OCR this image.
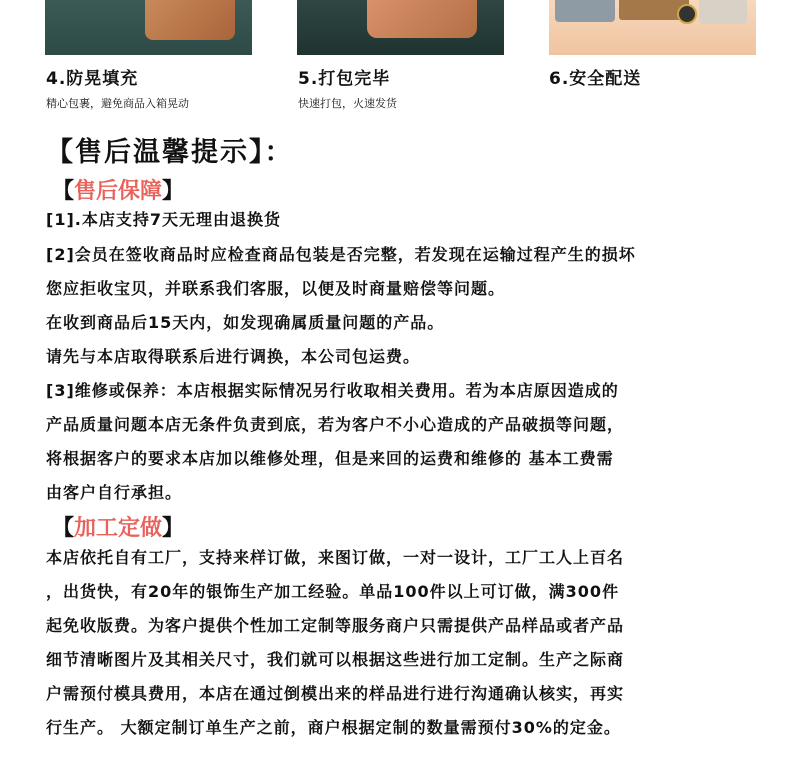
4.防晃填充
精心包裹，避免商品入箱晃动
5.打包完毕
快速打包，火速发货
6.安全配送
【售后温馨提示】：
【售后保障】
[1].本店支持7天无理由退换货
[2]会员在签收商品时应检查商品包装是否完整，若发现在运输过程产生的损坏
您应拒收宝贝，并联系我们客服，以便及时商量赔偿等问题。
在收到商品后15天内，如发现确属质量问题的产品。
请先与本店取得联系后进行调换，本公司包运费。
[3]维修或保养：本店根据实际情况另行收取相关费用。若为本店原因造成的
产品质量问题本店无条件负责到底，若为客户不小心造成的产品破损等问题，
将根据客户的要求本店加以维修处理，但是来回的运费和维修的 基本工费需
由客户自行承担。
【加工定做】
本店依托自有工厂，支持来样订做，来图订做，一对一设计，工厂工人上百名
，出货快，有20年的银饰生产加工经验。单品100件以上可订做，满300件
起免收版费。为客户提供个性加工定制等服务商户只需提供产品样品或者产品
细节清晰图片及其相关尺寸，我们就可以根据这些进行加工定制。生产之际商
户需预付模具费用，本店在通过倒模出来的样品进行进行沟通确认核实，再实
行生产。 大额定制订单生产之前，商户根据定制的数量需预付30%的定金。
